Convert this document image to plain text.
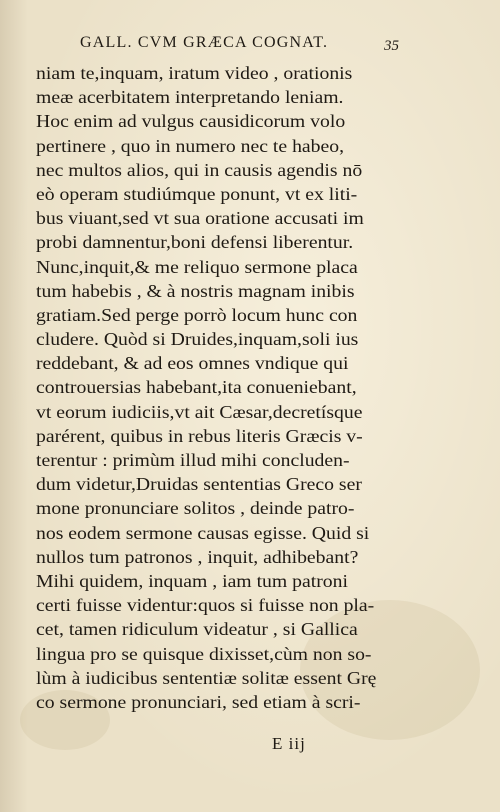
GALL. CVM GRÆCA COGNAT.	35
niam te,inquam, iratum video , orationis
meæ acerbitatem interpretando leniam.
Hoc enim ad vulgus causidicorum volo
pertinere , quo in numero nec te habeo,
nec multos alios, qui in causis agendis nō
eò operam studiúmque ponunt, vt ex liti-
bus viuant,sed vt sua oratione accusati im
probi damnentur,boni defensi liberentur.
Nunc,inquit,& me reliquo sermone placa
tum habebis , & à nostris magnam inibis
gratiam.Sed perge porrò locum hunc con
cludere. Quòd si Druides,inquam,soli ius
reddebant, & ad eos omnes vndique qui
controuersias habebant,ita conueniebant,
vt eorum iudiciis,vt ait Cæsar,decretísque
parérent, quibus in rebus literis Græcis v-
terentur : primùm illud mihi concluden-
dum videtur,Druidas sententias Greco ser
mone pronunciare solitos , deinde patro-
nos eodem sermone causas egisse. Quid si
nullos tum patronos , inquit, adhibebant?
Mihi quidem, inquam , iam tum patroni
certi fuisse videntur:quos si fuisse non pla-
cet, tamen ridiculum videatur , si Gallica
lingua pro se quisque dixisset,cùm non so-
lùm à iudicibus sententiæ solitæ essent Grę
co sermone pronunciari, sed etiam à scri-
E iij
